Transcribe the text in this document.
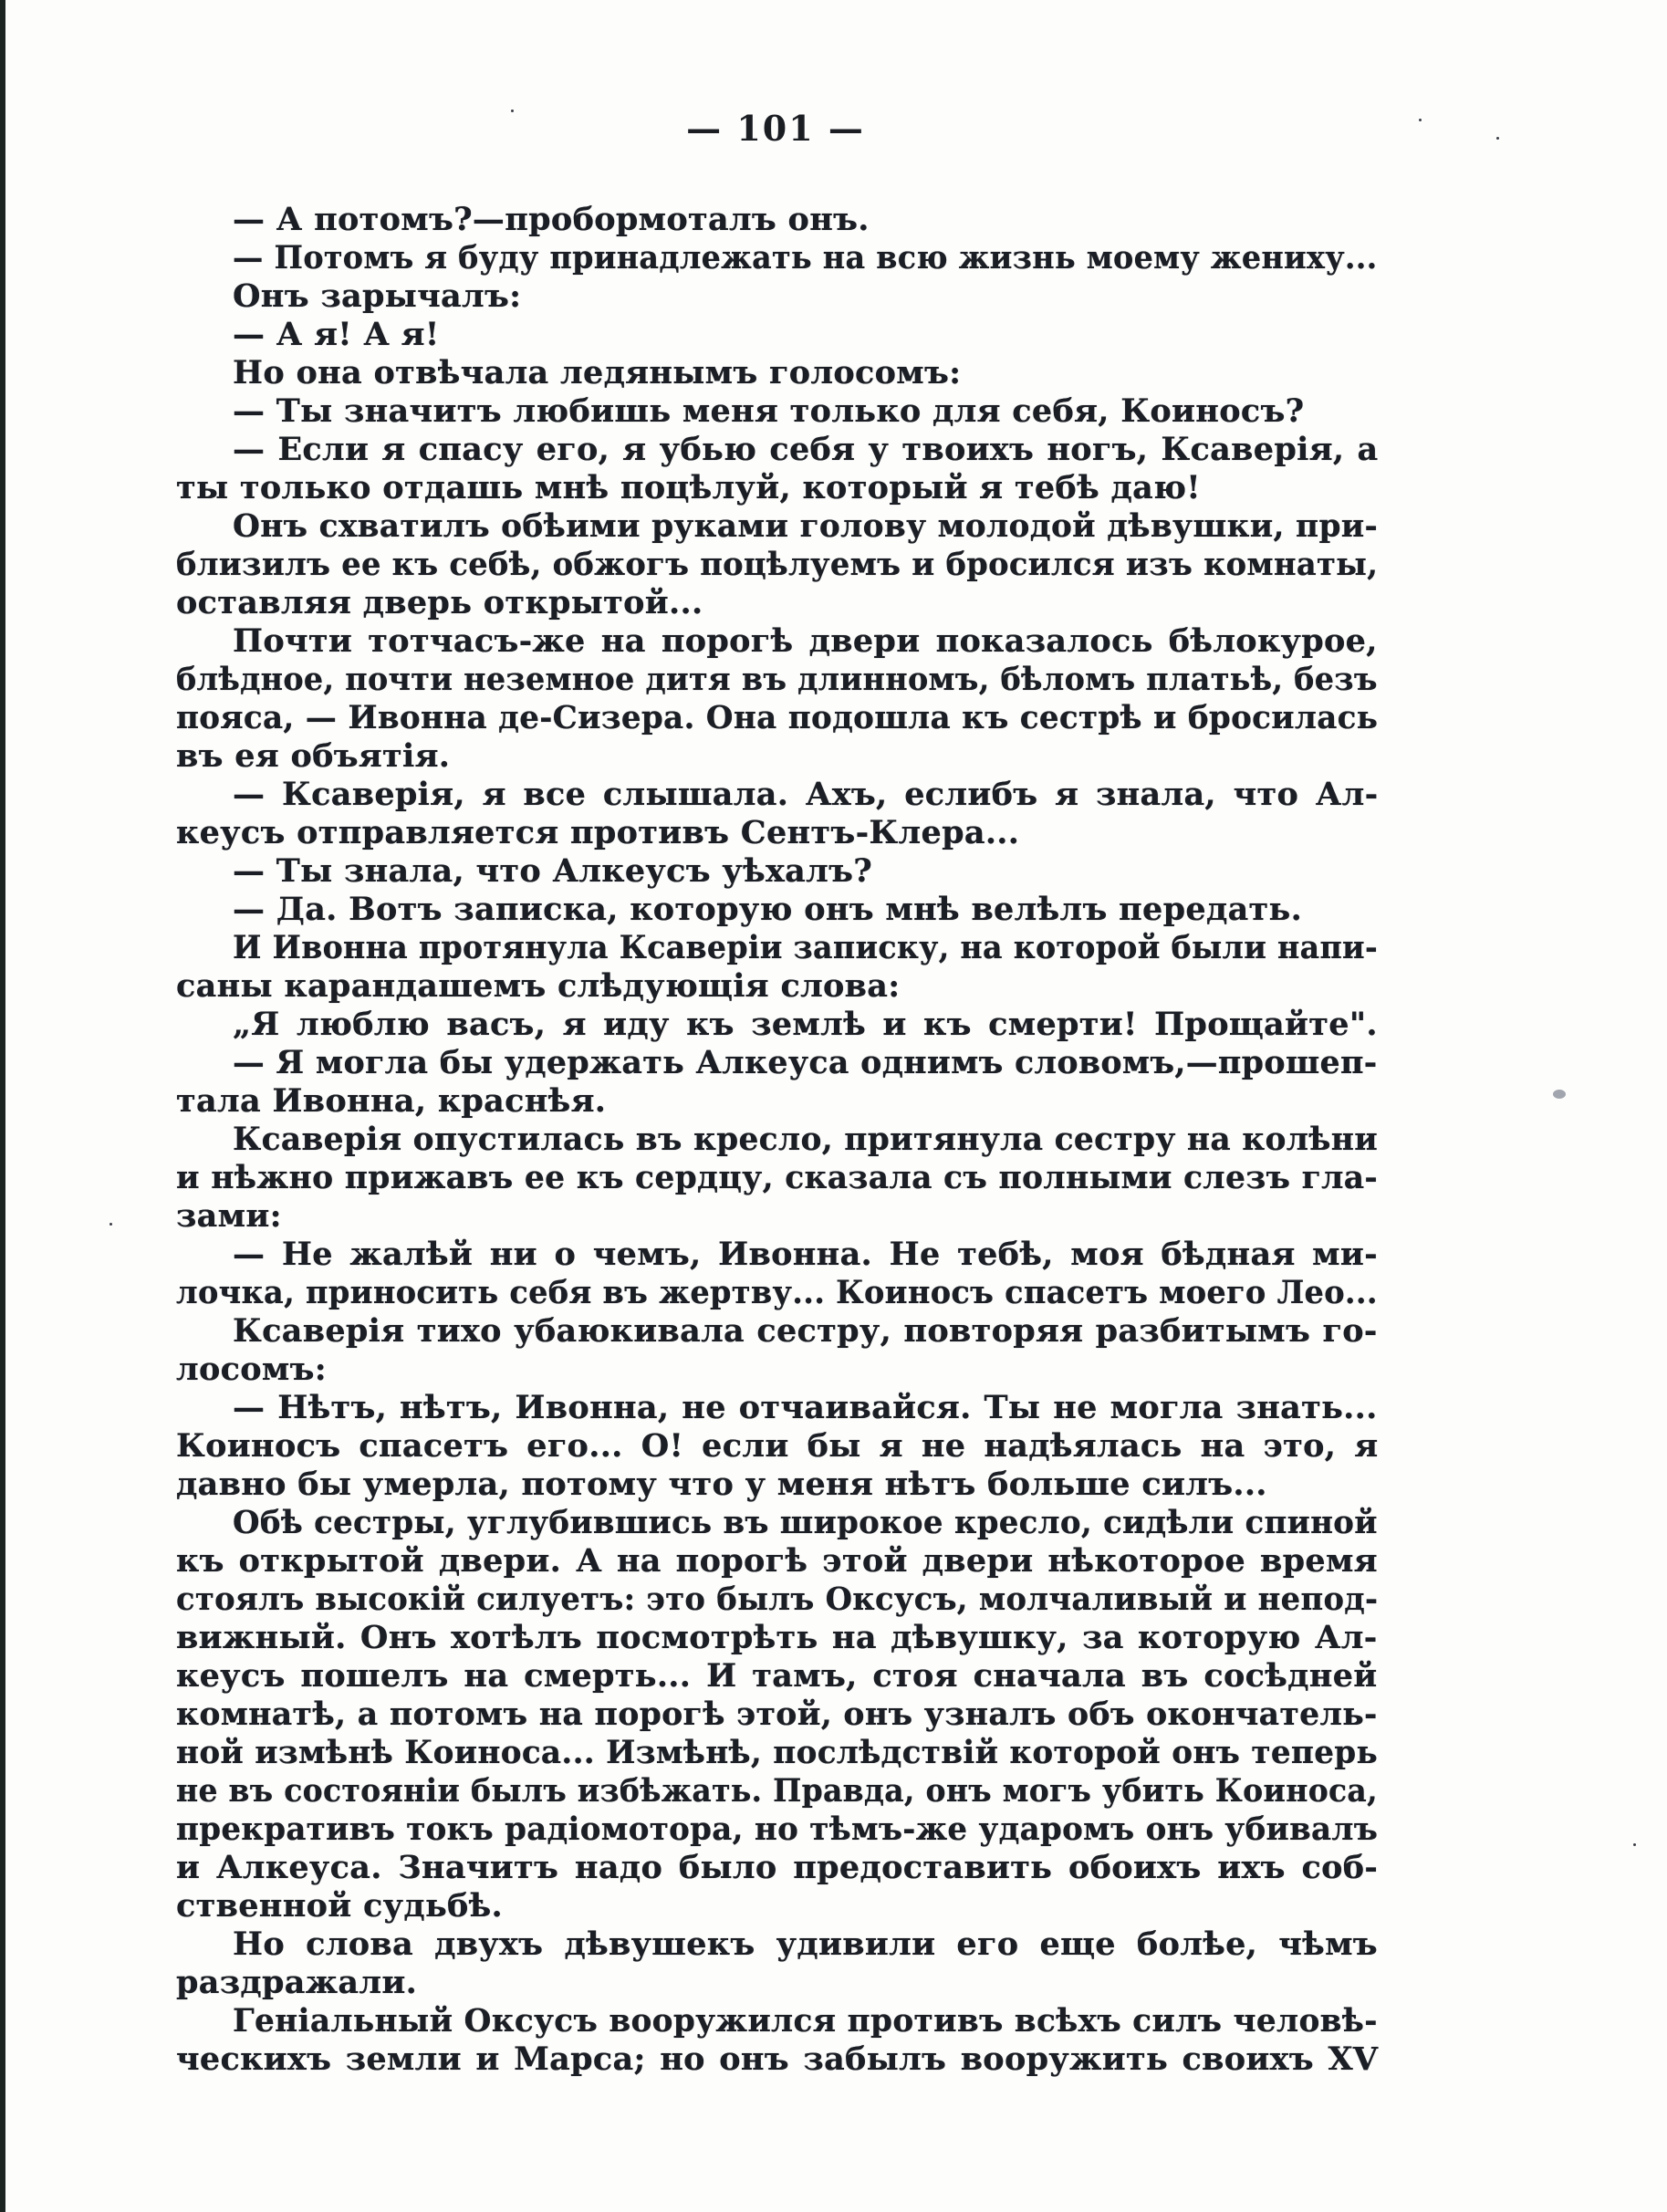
— 101 —
— А потомъ?—пробормоталъ онъ.
— Потомъ я буду принадлежать на всю жизнь моему жениху...
Онъ зарычалъ:
— А я! А я!
Но она отвѣчала ледянымъ голосомъ:
— Ты значитъ любишь меня только для себя, Коиносъ?
— Если я спасу его, я убью себя у твоихъ ногъ, Ксаверія, а
ты только отдашь мнѣ поцѣлуй, который я тебѣ даю!
Онъ схватилъ обѣими руками голову молодой дѣвушки, при-
близилъ ее къ себѣ, обжогъ поцѣлуемъ и бросился изъ комнаты,
оставляя дверь открытой...
Почти тотчасъ-же на порогѣ двери показалось бѣлокурое,
блѣдное, почти неземное дитя въ длинномъ, бѣломъ платьѣ, безъ
пояса, — Ивонна де-Сизера. Она подошла къ сестрѣ и бросилась
въ ея объятія.
— Ксаверія, я все слышала. Ахъ, еслибъ я знала, что Ал-
кеусъ отправляется противъ Сентъ-Клера...
— Ты знала, что Алкеусъ уѣхалъ?
— Да. Вотъ записка, которую онъ мнѣ велѣлъ передать.
И Ивонна протянула Ксаверіи записку, на которой были напи-
саны карандашемъ слѣдующія слова:
„Я люблю васъ, я иду къ землѣ и къ смерти! Прощайте".
— Я могла бы удержать Алкеуса однимъ словомъ,—прошеп-
тала Ивонна, краснѣя.
Ксаверія опустилась въ кресло, притянула сестру на колѣни
и нѣжно прижавъ ее къ сердцу, сказала съ полными слезъ гла-
зами:
— Не жалѣй ни о чемъ, Ивонна. Не тебѣ, моя бѣдная ми-
лочка, приносить себя въ жертву... Коиносъ спасетъ моего Лео...
Ксаверія тихо убаюкивала сестру, повторяя разбитымъ го-
лосомъ:
— Нѣтъ, нѣтъ, Ивонна, не отчаивайся. Ты не могла знать...
Коиносъ спасетъ его... О! если бы я не надѣялась на это, я
давно бы умерла, потому что у меня нѣтъ больше силъ...
Обѣ сестры, углубившись въ широкое кресло, сидѣли спиной
къ открытой двери. А на порогѣ этой двери нѣкоторое время
стоялъ высокій силуетъ: это былъ Оксусъ, молчаливый и непод-
вижный. Онъ хотѣлъ посмотрѣть на дѣвушку, за которую Ал-
кеусъ пошелъ на смерть... И тамъ, стоя сначала въ сосѣдней
комнатѣ, а потомъ на порогѣ этой, онъ узналъ объ окончатель-
ной измѣнѣ Коиноса... Измѣнѣ, послѣдствій которой онъ теперь
не въ состояніи былъ избѣжать. Правда, онъ могъ убить Коиноса,
прекративъ токъ радіомотора, но тѣмъ-же ударомъ онъ убивалъ
и Алкеуса. Значитъ надо было предоставить обоихъ ихъ соб-
ственной судьбѣ.
Но слова двухъ дѣвушекъ удивили его еще болѣе, чѣмъ
раздражали.
Геніальный Оксусъ вооружился противъ всѣхъ силъ человѣ-
ческихъ земли и Марса; но онъ забылъ вооружить своихъ XV
